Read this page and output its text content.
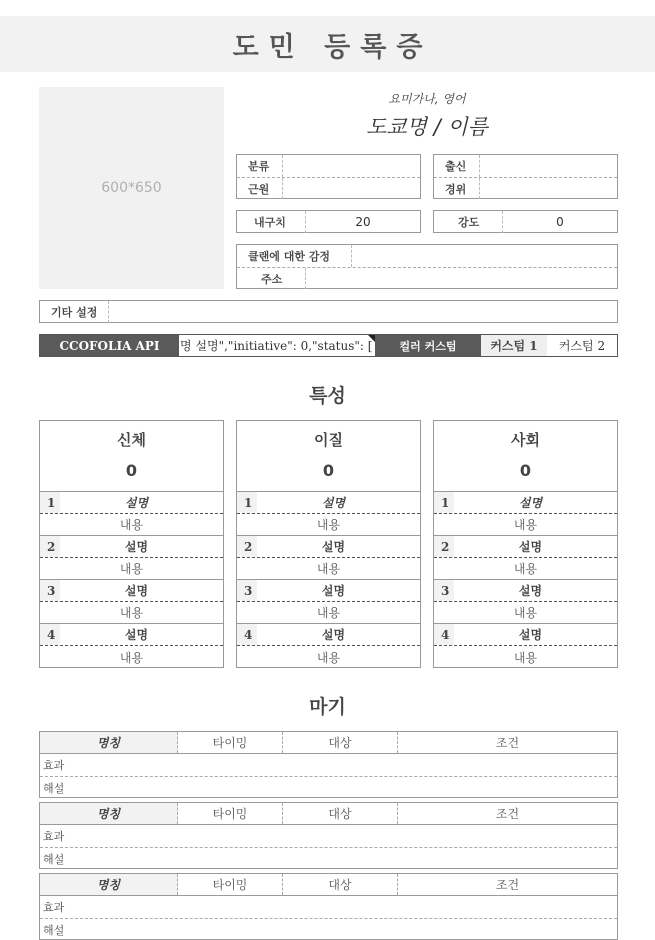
도민 등록증
600*650
요미가나, 영어
도쿄명 / 이름
분류
근원
출신
경위
내구치	20	강도	0
클랜에 대한 감정
주소
기타 설정
CCOFOLIA API	명 설명","initiative": 0,"status": [	컬러 커스텀	커스텀 1	커스텀 2
특성
신체
0
1	설명
내용
2	설명
내용
3	설명
내용
4	설명
내용
이질
0
1	설명
내용
2	설명
내용
3	설명
내용
4	설명
내용
사회
0
1	설명
내용
2	설명
내용
3	설명
내용
4	설명
내용
마기
명칭	타이밍	대상	조건
효과
해설
명칭	타이밍	대상	조건
효과
해설
명칭	타이밍	대상	조건
효과
해설
